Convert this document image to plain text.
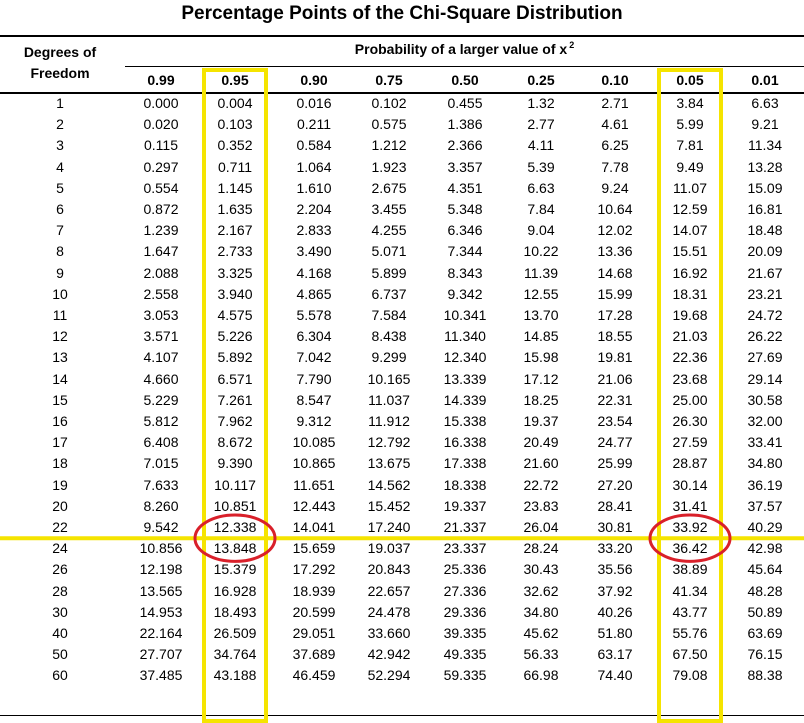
Percentage Points of the Chi-Square Distribution
Degrees of
Freedom
Probability of a larger value of x $^2$
0.99	0.95	0.90	0.75	0.50	0.25	0.10	0.05	0.01
1	0.000	0.004	0.016	0.102	0.455	1.32	2.71	3.84	6.63
2	0.020	0.103	0.211	0.575	1.386	2.77	4.61	5.99	9.21
3	0.115	0.352	0.584	1.212	2.366	4.11	6.25	7.81	11.34
4	0.297	0.711	1.064	1.923	3.357	5.39	7.78	9.49	13.28
5	0.554	1.145	1.610	2.675	4.351	6.63	9.24	11.07	15.09
6	0.872	1.635	2.204	3.455	5.348	7.84	10.64	12.59	16.81
7	1.239	2.167	2.833	4.255	6.346	9.04	12.02	14.07	18.48
8	1.647	2.733	3.490	5.071	7.344	10.22	13.36	15.51	20.09
9	2.088	3.325	4.168	5.899	8.343	11.39	14.68	16.92	21.67
10	2.558	3.940	4.865	6.737	9.342	12.55	15.99	18.31	23.21
11	3.053	4.575	5.578	7.584	10.341	13.70	17.28	19.68	24.72
12	3.571	5.226	6.304	8.438	11.340	14.85	18.55	21.03	26.22
13	4.107	5.892	7.042	9.299	12.340	15.98	19.81	22.36	27.69
14	4.660	6.571	7.790	10.165	13.339	17.12	21.06	23.68	29.14
15	5.229	7.261	8.547	11.037	14.339	18.25	22.31	25.00	30.58
16	5.812	7.962	9.312	11.912	15.338	19.37	23.54	26.30	32.00
17	6.408	8.672	10.085	12.792	16.338	20.49	24.77	27.59	33.41
18	7.015	9.390	10.865	13.675	17.338	21.60	25.99	28.87	34.80
19	7.633	10.117	11.651	14.562	18.338	22.72	27.20	30.14	36.19
20	8.260	10.851	12.443	15.452	19.337	23.83	28.41	31.41	37.57
22	9.542	12.338	14.041	17.240	21.337	26.04	30.81	33.92	40.29
24	10.856	13.848	15.659	19.037	23.337	28.24	33.20	36.42	42.98
26	12.198	15.379	17.292	20.843	25.336	30.43	35.56	38.89	45.64
28	13.565	16.928	18.939	22.657	27.336	32.62	37.92	41.34	48.28
30	14.953	18.493	20.599	24.478	29.336	34.80	40.26	43.77	50.89
40	22.164	26.509	29.051	33.660	39.335	45.62	51.80	55.76	63.69
50	27.707	34.764	37.689	42.942	49.335	56.33	63.17	67.50	76.15
60	37.485	43.188	46.459	52.294	59.335	66.98	74.40	79.08	88.38
